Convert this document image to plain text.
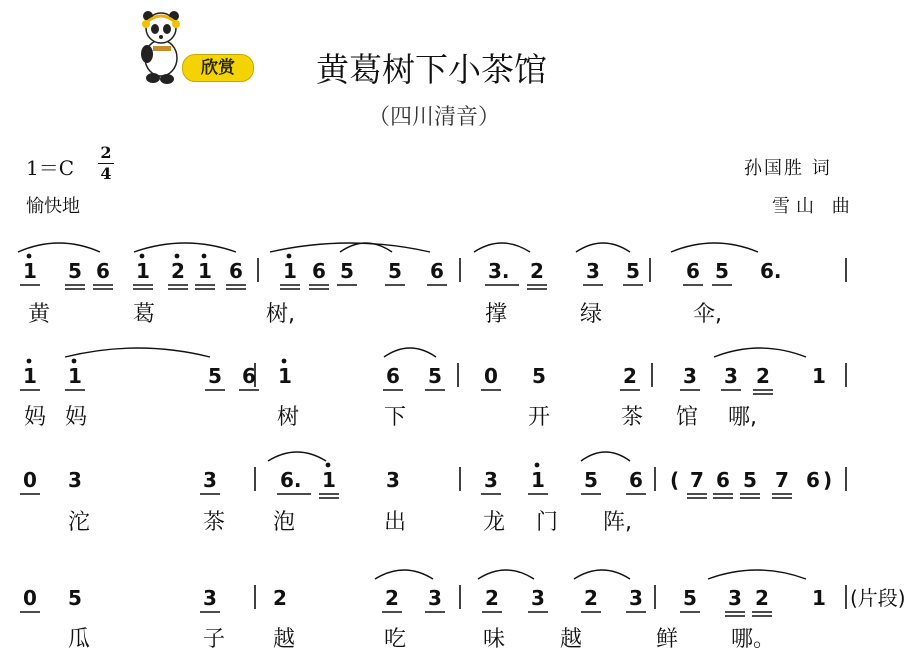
欣赏	黄葛树下小茶馆
（四川清音）
1＝C
2
4
愉快地
孙国胜 词
雪山 曲
1 5 6 1 2 1 6 1 6 5 5 6 3. 2 3 5 6 5 6.
黄	葛	树,	撑	绿	伞,
1 1	5 6 1	6 5 0 5	2 3 3 2 1
妈 妈	树	下	开	茶 馆 哪,
0 3	3	6. 1	3	3 1 5 6 ( 7 6 5 7 6 )
沱	茶 泡	出	龙 门 阵,
0 5	3	2	2 3 2 3 2 3 5 3 2 1
瓜	子 越	吃	味 越	鲜 哪。
(片段)
